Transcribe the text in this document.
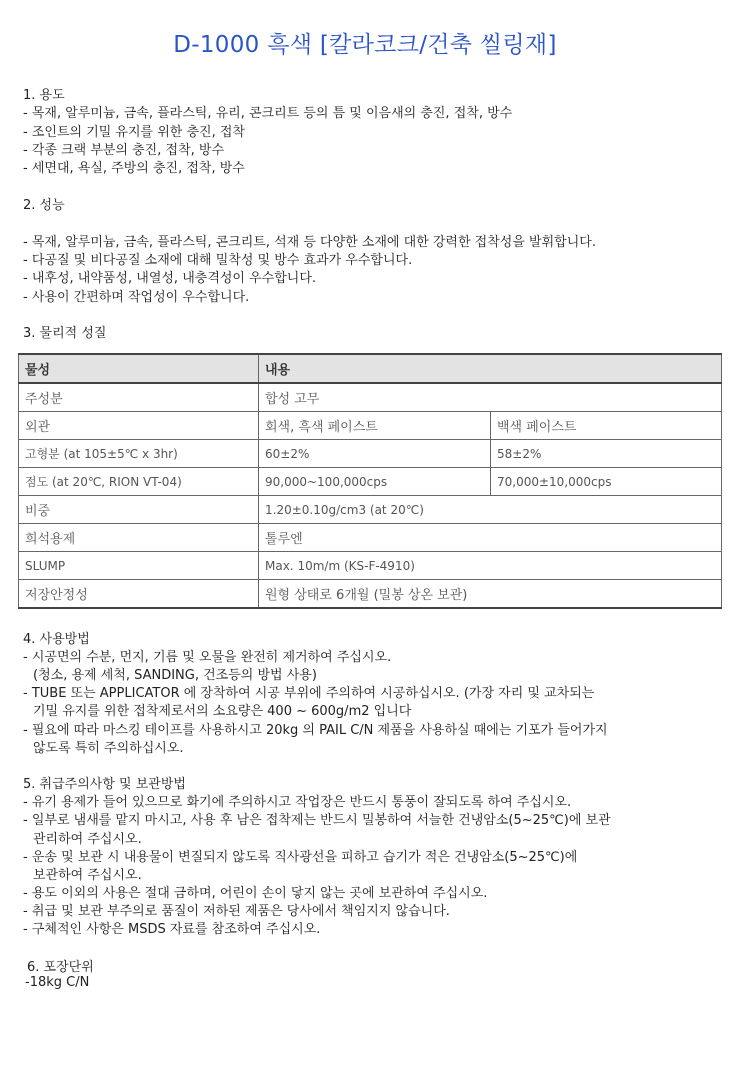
D-1000 흑색 [칼라코크/건축 씰링재]
1. 용도
- 목재, 알루미늄, 금속, 플라스틱, 유리, 콘크리트 등의 틈 및 이음새의 충진, 접착, 방수
- 조인트의 기밀 유지를 위한 충진, 접착
- 각종 크랙 부분의 충진, 접착, 방수
- 세면대, 욕실, 주방의 충진, 접착, 방수
2. 성능
- 목재, 알루미늄, 금속, 플라스틱, 콘크리트, 석재 등 다양한 소재에 대한 강력한 접착성을 발휘합니다.
- 다공질 및 비다공질 소재에 대해 밀착성 및 방수 효과가 우수합니다.
- 내후성, 내약품성, 내열성, 내충격성이 우수합니다.
- 사용이 간편하며 작업성이 우수합니다.
3. 물리적 성질
물성	내용	
주성분	합성 고무	
외관	회색, 흑색 페이스트	백색 페이스트
고형분 (at 105±5℃ x 3hr)	60±2%	58±2%
점도 (at 20℃, RION VT-04)	90,000~100,000cps	70,000±10,000cps
비중	1.20±0.10g/cm3 (at 20℃)	
희석용제	톨루엔	
SLUMP	Max. 10m/m (KS-F-4910)	
저장안정성	원형 상태로 6개월 (밀봉 상온 보관)	
4. 사용방법
- 시공면의 수분, 먼지, 기름 및 오물을 완전히 제거하여 주십시오.
(청소, 용제 세척, SANDING, 건조등의 방법 사용)
- TUBE 또는 APPLICATOR 에 장착하여 시공 부위에 주의하여 시공하십시오. (가장 자리 및 교차되는
기밀 유지를 위한 접착제로서의 소요량은 400 ~ 600g/m2 입니다
- 필요에 따라 마스킹 테이프를 사용하시고 20kg 의 PAIL C/N 제품을 사용하실 때에는 기포가 들어가지
않도록 특히 주의하십시오.
5. 취급주의사항 및 보관방법
- 유기 용제가 들어 있으므로 화기에 주의하시고 작업장은 반드시 통풍이 잘되도록 하여 주십시오.
- 일부로 냄새를 맡지 마시고, 사용 후 남은 접착제는 반드시 밀봉하여 서늘한 건냉암소(5~25℃)에 보관
관리하여 주십시오.
- 운송 및 보관 시 내용물이 변질되지 않도록 직사광선을 피하고 습기가 적은 건냉암소(5~25℃)에
보관하여 주십시오.
- 용도 이외의 사용은 절대 금하며, 어린이 손이 닿지 않는 곳에 보관하여 주십시오.
- 취급 및 보관 부주의로 품질이 저하된 제품은 당사에서 책임지지 않습니다.
- 구체적인 사항은 MSDS 자료를 참조하여 주십시오.
6. 포장단위
-18kg C/N
